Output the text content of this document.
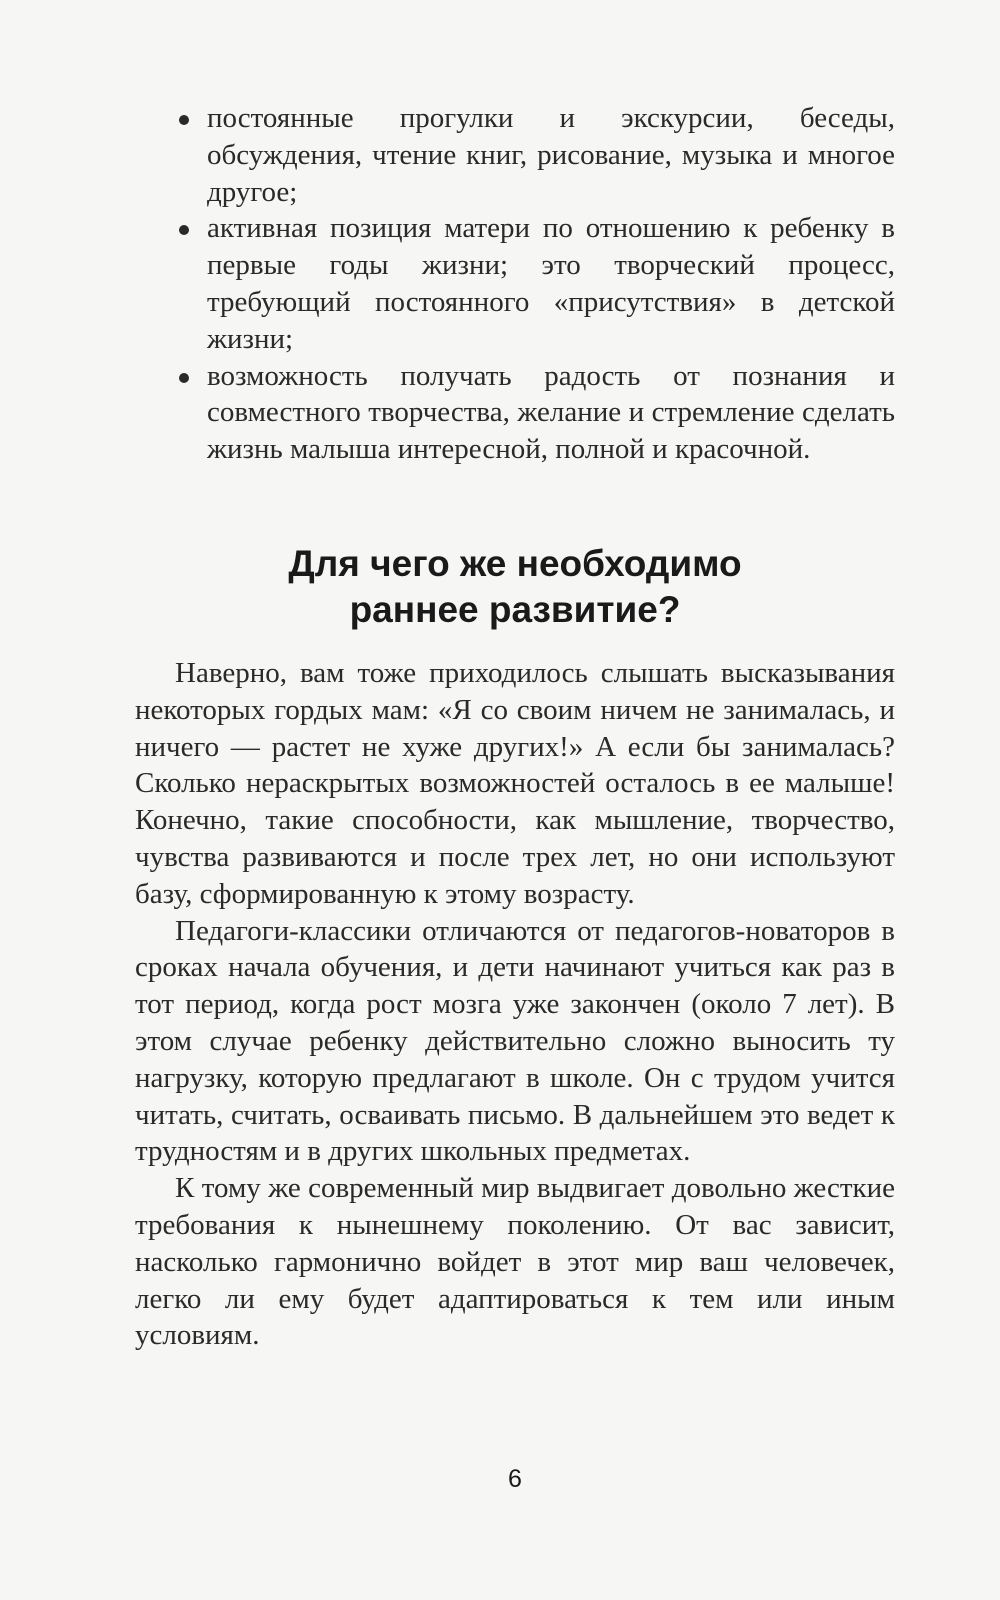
постоянные прогулки и экскурсии, беседы, обсуждения, чтение книг, рисование, музыка и многое другое;
активная позиция матери по отношению к ребенку в первые годы жизни; это творческий процесс, требующий постоянного «присутствия» в детской жизни;
возможность получать радость от познания и совместного творчества, желание и стремление сделать жизнь малыша интересной, полной и красочной.
Для чего же необходимо
раннее развитие?

Наверно, вам тоже приходилось слышать высказывания некоторых гордых мам: «Я со своим ничем не занималась, и ничего — растет не хуже других!» А если бы занималась? Сколько нераскрытых возможностей осталось в ее малыше! Конечно, такие способности, как мышление, творчество, чувства развиваются и после трех лет, но они используют базу, сформированную к этому возрасту.

Педагоги-классики отличаются от педагогов-новаторов в сроках начала обучения, и дети начинают учиться как раз в тот период, когда рост мозга уже закончен (около 7 лет). В этом случае ребенку действительно сложно выносить ту нагрузку, которую предлагают в школе. Он с трудом учится читать, считать, осваивать письмо. В дальнейшем это ведет к трудностям и в других школьных предметах.

К тому же современный мир выдвигает довольно жесткие требования к нынешнему поколению. От вас зависит, насколько гармонично войдет в этот мир ваш человечек, легко ли ему будет адаптироваться к тем или иным условиям.

6
